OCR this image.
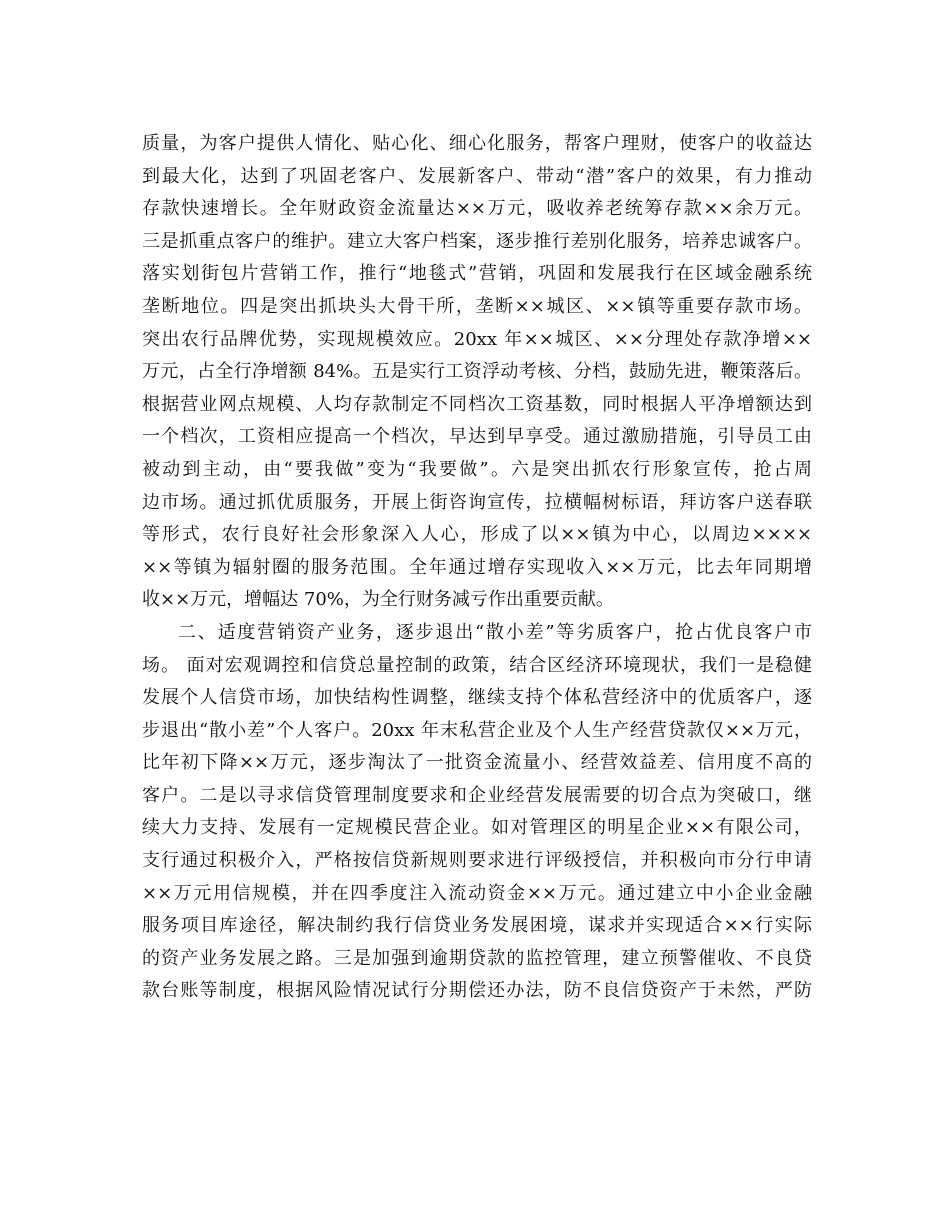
质量，为客户提供人情化、贴心化、细心化服务，帮客户理财，使客户的收益达
到最大化，达到了巩固老客户、发展新客户、带动“潜”客户的效果，有力推动
存款快速增长。全年财政资金流量达××万元，吸收养老统筹存款××余万元。
三是抓重点客户的维护。建立大客户档案，逐步推行差别化服务，培养忠诚客户。
落实划街包片营销工作，推行“地毯式”营销，巩固和发展我行在区域金融系统
垄断地位。四是突出抓块头大骨干所，垄断××城区、××镇等重要存款市场。
突出农行品牌优势，实现规模效应。20xx 年××城区、××分理处存款净增××
万元，占全行净增额 84%。五是实行工资浮动考核、分档，鼓励先进，鞭策落后。
根据营业网点规模、人均存款制定不同档次工资基数，同时根据人平净增额达到
一个档次，工资相应提高一个档次，早达到早享受。通过激励措施，引导员工由
被动到主动，由“要我做”变为“我要做”。六是突出抓农行形象宣传，抢占周
边市场。通过抓优质服务，开展上街咨询宣传，拉横幅树标语，拜访客户送春联
等形式，农行良好社会形象深入人心，形成了以××镇为中心，以周边××××
××等镇为辐射圈的服务范围。全年通过增存实现收入××万元，比去年同期增
收××万元，增幅达 70%，为全行财务减亏作出重要贡献。
二、适度营销资产业务，逐步退出“散小差”等劣质客户，抢占优良客户市
场。 面对宏观调控和信贷总量控制的政策，结合区经济环境现状，我们一是稳健
发展个人信贷市场，加快结构性调整，继续支持个体私营经济中的优质客户，逐
步退出“散小差”个人客户。20xx 年末私营企业及个人生产经营贷款仅××万元，
比年初下降××万元，逐步淘汰了一批资金流量小、经营效益差、信用度不高的
客户。二是以寻求信贷管理制度要求和企业经营发展需要的切合点为突破口，继
续大力支持、发展有一定规模民营企业。如对管理区的明星企业××有限公司，
支行通过积极介入，严格按信贷新规则要求进行评级授信，并积极向市分行申请
××万元用信规模，并在四季度注入流动资金××万元。通过建立中小企业金融
服务项目库途径，解决制约我行信贷业务发展困境，谋求并实现适合××行实际
的资产业务发展之路。三是加强到逾期贷款的监控管理，建立预警催收、不良贷
款台账等制度，根据风险情况试行分期偿还办法，防不良信贷资产于未然，严防
